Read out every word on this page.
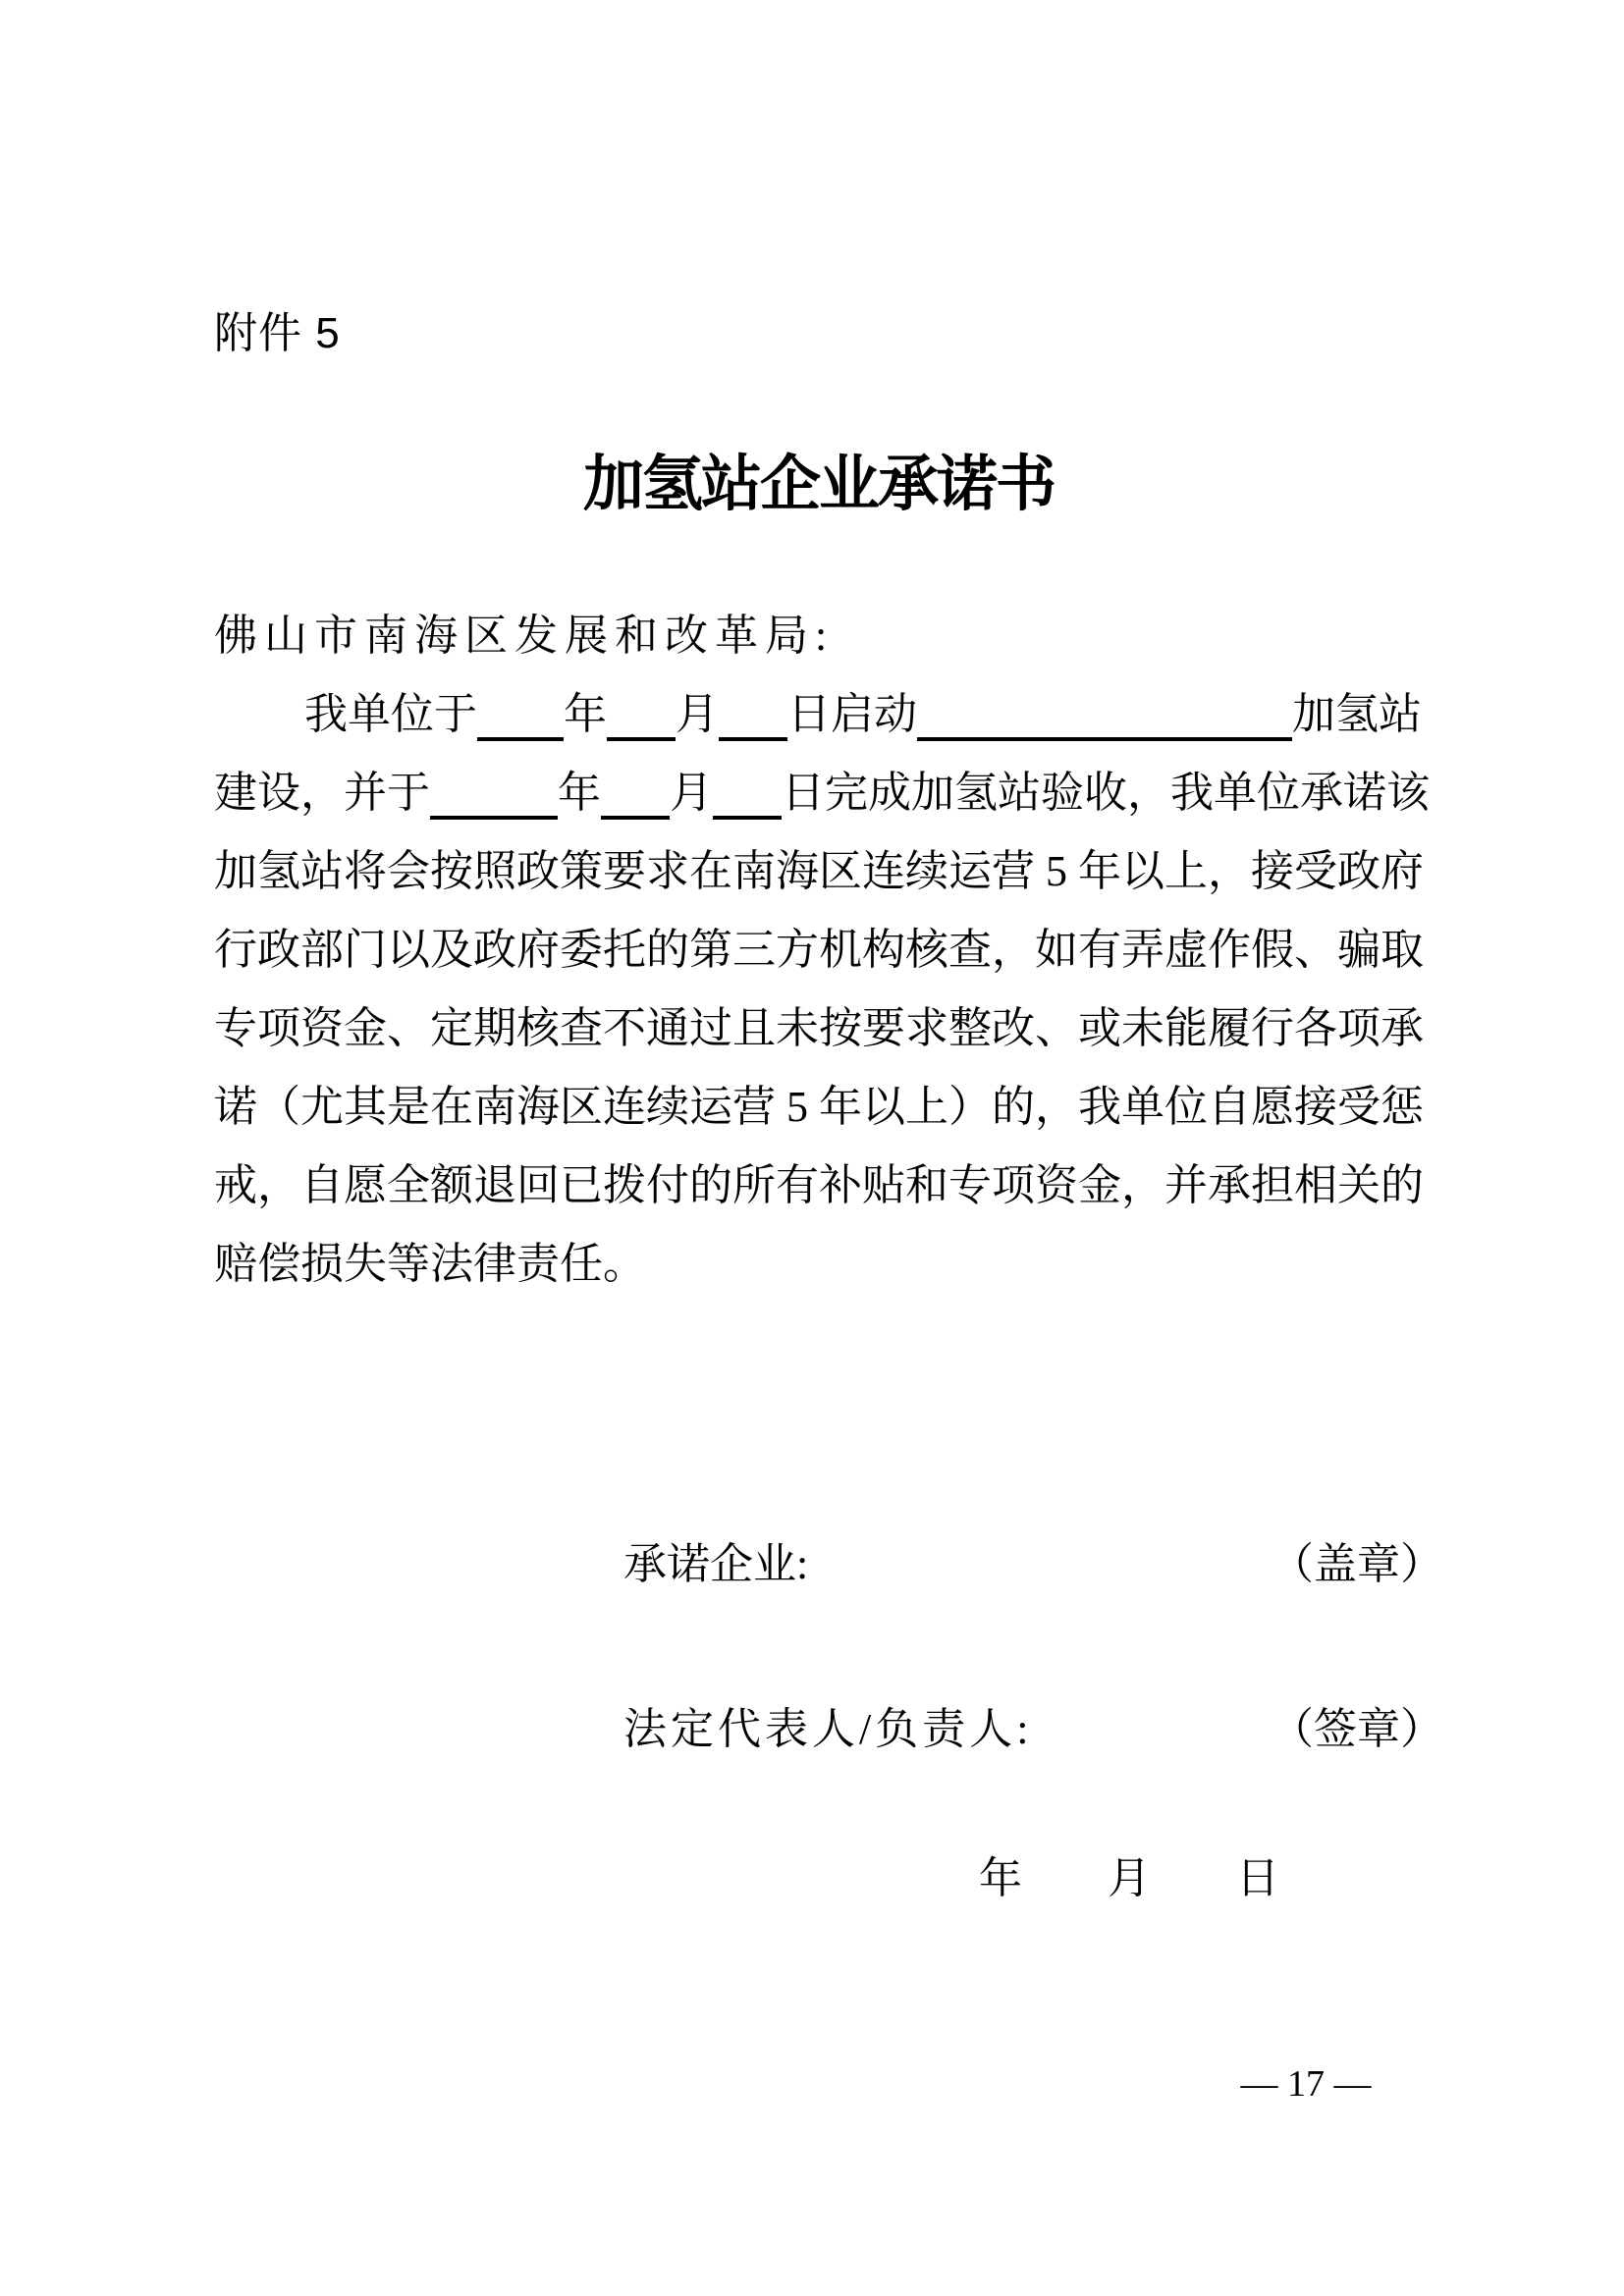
附件 5
加氢站企业承诺书
佛山市南海区发展和改革局:
我单位于 年 月 日启动	加氢站
建设，并于	年 月 日完成加氢站验收，我单位承诺该
加氢站将会按照政策要求在南海区连续运营 5 年以上，接受政府
行政部门以及政府委托的第三方机构核查，如有弄虚作假、骗取
专项资金、定期核查不通过且未按要求整改、或未能履行各项承
诺（尤其是在南海区连续运营 5 年以上）的，我单位自愿接受惩
戒，自愿全额退回已拨付的所有补贴和专项资金，并承担相关的
赔偿损失等法律责任。
承诺企业:	（盖章）
法定代表人/负责人:	（签章）
年 月 日
— 17 —
